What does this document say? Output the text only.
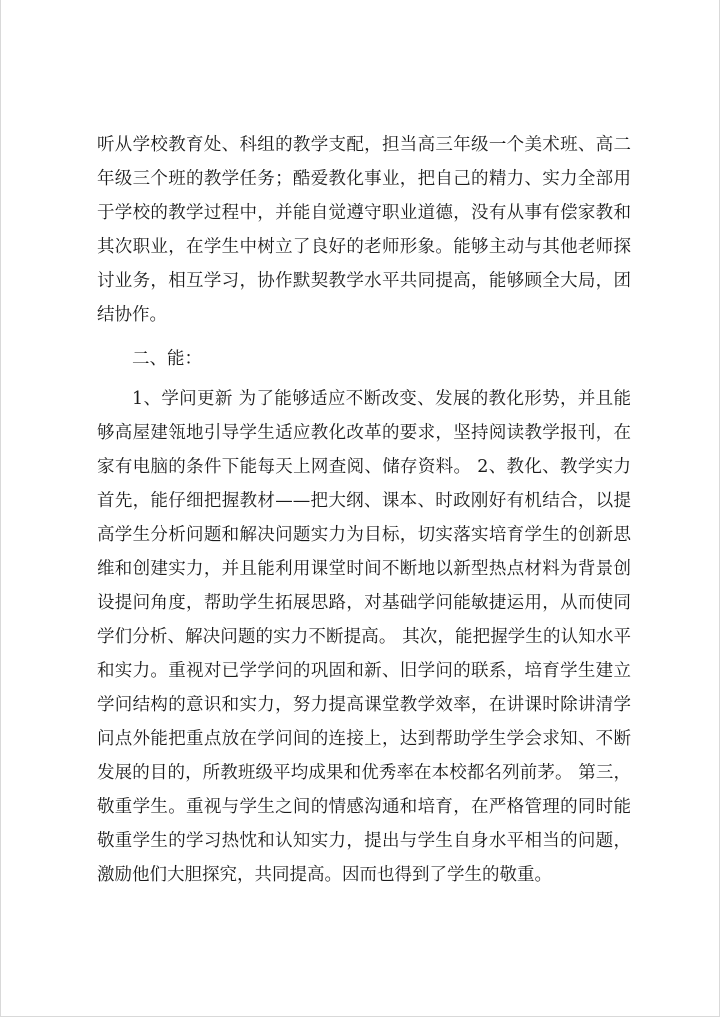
听从学校教育处、科组的教学支配，担当高三年级一个美术班、高二年级三个班的教学任务；酷爱教化事业，把自己的精力、实力全部用于学校的教学过程中，并能自觉遵守职业道德，没有从事有偿家教和其次职业，在学生中树立了良好的老师形象。能够主动与其他老师探讨业务，相互学习，协作默契教学水平共同提高，能够顾全大局，团结协作。

二、能：

1、学问更新 为了能够适应不断改变、发展的教化形势，并且能够高屋建瓴地引导学生适应教化改革的要求，坚持阅读教学报刊，在家有电脑的条件下能每天上网查阅、储存资料。 2、教化、教学实力 首先，能仔细把握教材——把大纲、课本、时政刚好有机结合，以提高学生分析问题和解决问题实力为目标，切实落实培育学生的创新思维和创建实力，并且能利用课堂时间不断地以新型热点材料为背景创设提问角度，帮助学生拓展思路，对基础学问能敏捷运用，从而使同学们分析、解决问题的实力不断提高。 其次，能把握学生的认知水平和实力。重视对已学学问的巩固和新、旧学问的联系，培育学生建立学问结构的意识和实力，努力提高课堂教学效率，在讲课时除讲清学问点外能把重点放在学问间的连接上，达到帮助学生学会求知、不断发展的目的，所教班级平均成果和优秀率在本校都名列前茅。 第三，敬重学生。重视与学生之间的情感沟通和培育，在严格管理的同时能敬重学生的学习热忱和认知实力，提出与学生自身水平相当的问题，激励他们大胆探究，共同提高。因而也得到了学生的敬重。
